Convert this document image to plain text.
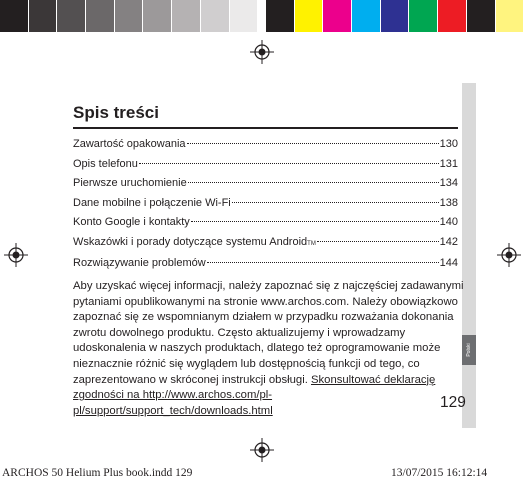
Polski
Spis treści
Zawartość opakowania	130
Opis telefonu	131
Pierwsze uruchomienie	134
Dane mobilne i połączenie Wi-Fi	138
Konto Google i kontakty	140
Wskazówki i porady dotyczące systemu Android TM	142
Rozwiązywanie problemów	144

Aby uzyskać więcej informacji, należy zapoznać się z najczęściej zadawanymi pytaniami opublikowanymi na stronie www.archos.com. Należy obowiązkowo zapoznać się ze wspomnianym działem w przypadku rozważania dokonania zwrotu dowolnego produktu. Często aktualizujemy i wprowadzamy udoskonalenia w naszych produktach, dlatego też oprogramowanie może nieznacznie różnić się wyglądem lub dostępnością funkcji od tego, co zaprezentowano w skróconej instrukcji obsługi. Skonsultować deklarację zgodności na http://www.archos.com/pl-pl/support/support_tech/downloads.html	129
ARCHOS 50 Helium Plus book.indd 129	13/07/2015 16:12:14
